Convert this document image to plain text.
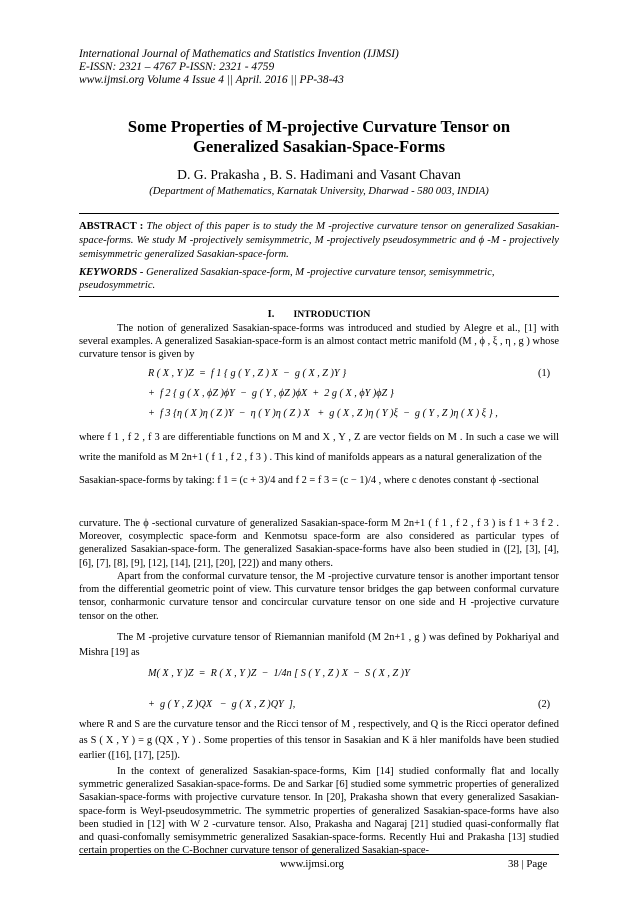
International Journal of Mathematics and Statistics Invention (IJMSI)
E-ISSN: 2321 – 4767 P-ISSN: 2321 - 4759
www.ijmsi.org Volume 4 Issue 4 || April. 2016 || PP-38-43
Some Properties of M-projective Curvature Tensor on
Generalized Sasakian-Space-Forms
D. G. Prakasha , B. S. Hadimani and Vasant Chavan
(Department of Mathematics, Karnatak University, Dharwad - 580 003, INDIA)
ABSTRACT : The object of this paper is to study the M -projective curvature tensor on generalized Sasakian-space-forms. We study M -projectively semisymmetric, M -projectively pseudosymmetric and ϕ -M - projectively semisymmetric generalized Sasakian-space-form.
KEYWORDS - Generalized Sasakian-space-form, M -projective curvature tensor, semisymmetric, pseudosymmetric.
I. INTRODUCTION
The notion of generalized Sasakian-space-forms was introduced and studied by Alegre et al., [1] with several examples. A generalized Sasakian-space-form is an almost contact metric manifold (M , ϕ , ξ , η , g ) whose curvature tensor is given by
R ( X , Y )Z  =  f 1 { g ( Y , Z ) X  −  g ( X , Z )Y }	(1)
+  f 2 { g ( X , ϕZ )ϕY  −  g ( Y , ϕZ )ϕX  +  2 g ( X , ϕY )ϕZ }
+  f 3 {η ( X )η ( Z )Y  −  η ( Y )η ( Z ) X   +  g ( X , Z )η ( Y )ξ  −  g ( Y , Z )η ( X ) ξ } ,
where f 1 , f 2 , f 3 are differentiable functions on M and X , Y , Z are vector fields on M . In such a case we will write the manifold as M 2n+1 ( f 1 , f 2 , f 3 ) . This kind of manifolds appears as a natural generalization of the
Sasakian-space-forms by taking: f 1 = (c + 3)/4 and f 2 = f 3 = (c − 1)/4 , where c denotes constant ϕ -sectional
curvature. The ϕ -sectional curvature of generalized Sasakian-space-form M 2n+1 ( f 1 , f 2 , f 3 ) is f 1 + 3 f 2 . Moreover, cosymplectic space-form and Kenmotsu space-form are also considered as particular types of generalized Sasakian-space-form. The generalized Sasakian-space-forms have also been studied in ([2], [3], [4], [6], [7], [8], [9], [12], [14], [21], [20], [22]) and many others.
Apart from the conformal curvature tensor, the M -projective curvature tensor is another important tensor from the differential geometric point of view. This curvature tensor bridges the gap between conformal curvature tensor, conharmonic curvature tensor and concircular curvature tensor on one side and H -projective curvature tensor on the other.
The M -projetive curvature tensor of Riemannian manifold (M 2n+1 , g ) was defined by Pokhariyal and Mishra [19] as
M( X , Y )Z  =  R ( X , Y )Z  −  1/4n [ S ( Y , Z ) X  −  S ( X , Z )Y
+  g ( Y , Z )QX   −  g ( X , Z )QY  ],	(2)
where R and S are the curvature tensor and the Ricci tensor of M , respectively, and Q is the Ricci operator defined as S ( X , Y ) = g (QX , Y ) . Some properties of this tensor in Sasakian and K ä hler manifolds have been studied earlier ([16], [17], [25]).
In the context of generalized Sasakian-space-forms, Kim [14] studied conformally flat and locally symmetric generalized Sasakian-space-forms. De and Sarkar [6] studied some symmetric properties of generalized Sasakian-space-forms with projective curvature tensor. In [20], Prakasha shown that every generalized Sasakian-space-form is Weyl-pseudosymmetric. The symmetric properties of generalized Sasakian-space-forms have also been studied in [12] with W 2 -curvature tensor. Also, Prakasha and Nagaraj [21] studied quasi-conformally flat and quasi-confomally semisymmetric generalized Sasakian-space-forms. Recently Hui and Prakasha [13] studied certain properties on the C-Bochner curvature tensor of generalized Sasakian-space-
www.ijmsi.org	38 | Page
